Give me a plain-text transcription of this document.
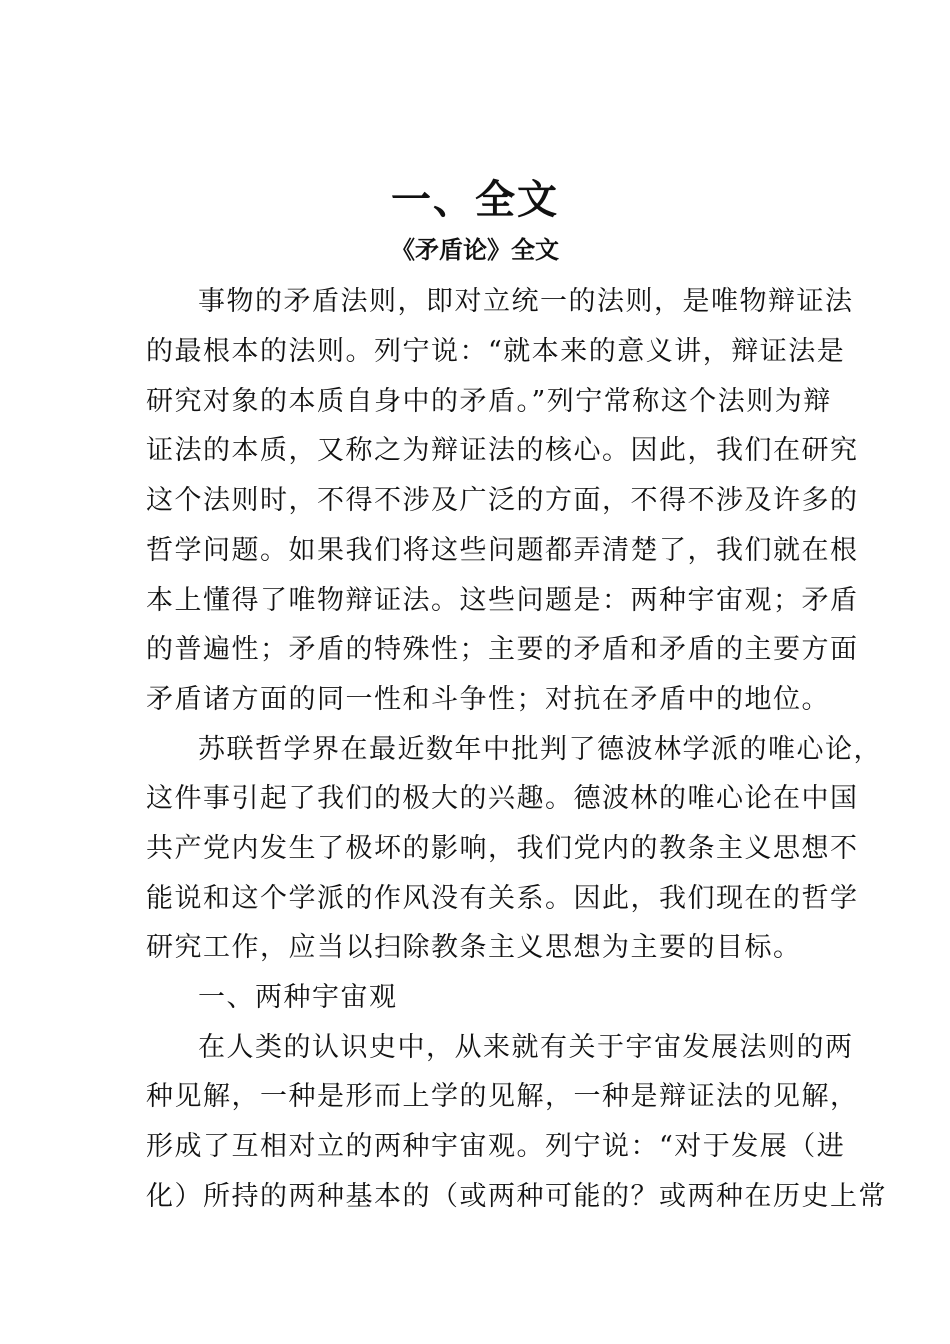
一、全文
《矛盾论》全文

事物的矛盾法则，即对立统一的法则，是唯物辩证法

的最根本的法则。列宁说：“就本来的意义讲，辩证法是

研究对象的本质自身中的矛盾。”列宁常称这个法则为辩

证法的本质，又称之为辩证法的核心。因此，我们在研究

这个法则时，不得不涉及广泛的方面，不得不涉及许多的

哲学问题。如果我们将这些问题都弄清楚了，我们就在根

本上懂得了唯物辩证法。这些问题是：两种宇宙观；矛盾

的普遍性；矛盾的特殊性；主要的矛盾和矛盾的主要方面

矛盾诸方面的同一性和斗争性；对抗在矛盾中的地位。

苏联哲学界在最近数年中批判了德波林学派的唯心论，

这件事引起了我们的极大的兴趣。德波林的唯心论在中国

共产党内发生了极坏的影响，我们党内的教条主义思想不

能说和这个学派的作风没有关系。因此，我们现在的哲学

研究工作，应当以扫除教条主义思想为主要的目标。

一、两种宇宙观

在人类的认识史中，从来就有关于宇宙发展法则的两

种见解，一种是形而上学的见解，一种是辩证法的见解，

形成了互相对立的两种宇宙观。列宁说：“对于发展（进

化）所持的两种基本的（或两种可能的？或两种在历史上常
